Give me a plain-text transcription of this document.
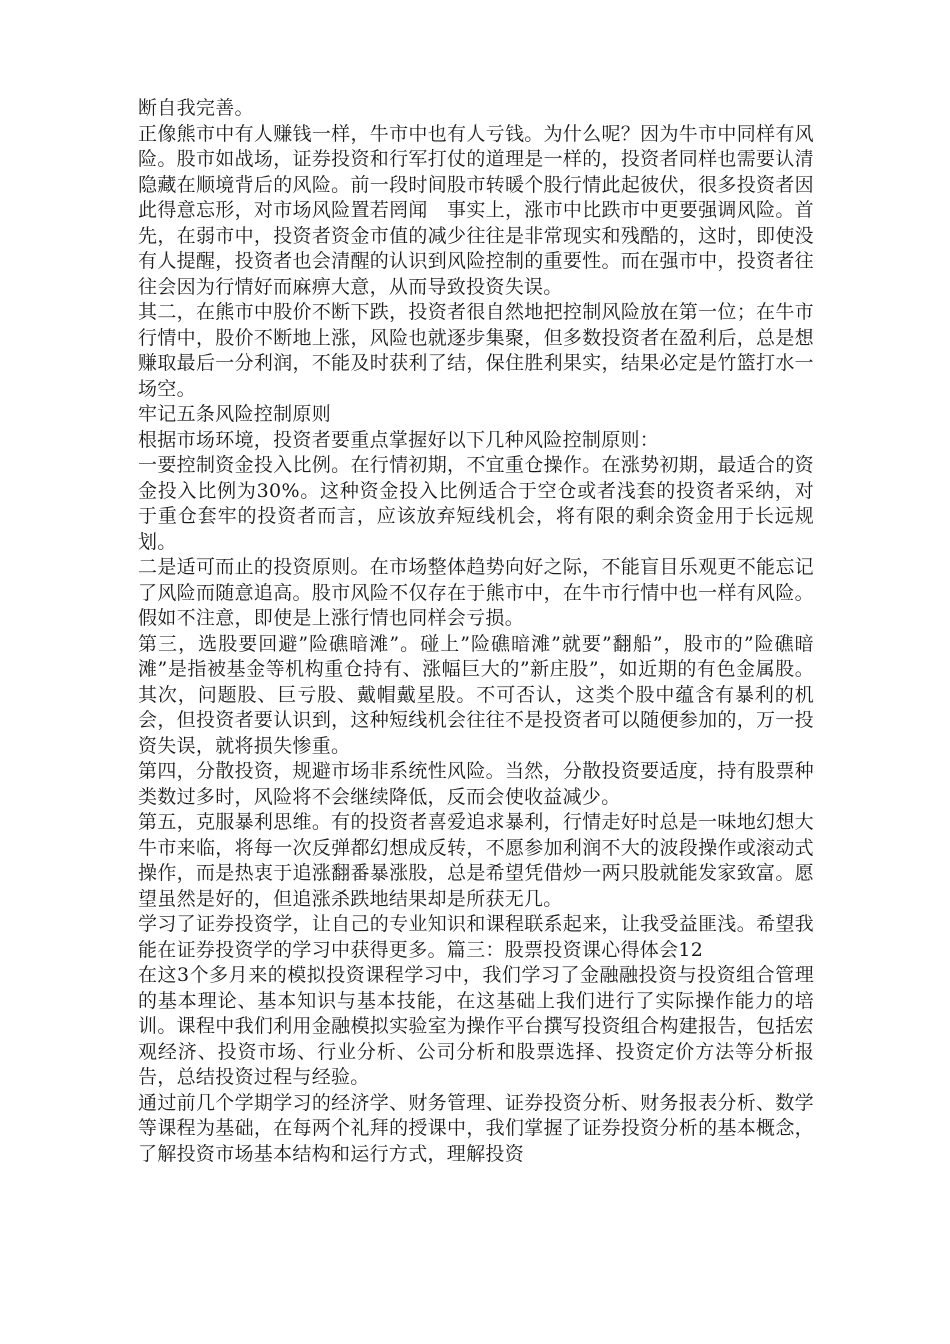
断自我完善。

正像熊市中有人赚钱一样，牛市中也有人亏钱。为什么呢？因为牛市中同样有风险。股市如战场，证券投资和行军打仗的道理是一样的，投资者同样也需要认清隐藏在顺境背后的风险。前一段时间股市转暖个股行情此起彼伏，很多投资者因此得意忘形，对市场风险置若罔闻　事实上，涨市中比跌市中更要强调风险。首先，在弱市中，投资者资金市值的减少往往是非常现实和残酷的，这时，即使没有人提醒，投资者也会清醒的认识到风险控制的重要性。而在强市中，投资者往往会因为行情好而麻痹大意，从而导致投资失误。

其二，在熊市中股价不断下跌，投资者很自然地把控制风险放在第一位；在牛市行情中，股价不断地上涨，风险也就逐步集聚，但多数投资者在盈利后，总是想赚取最后一分利润，不能及时获利了结，保住胜利果实，结果必定是竹篮打水一场空。

牢记五条风险控制原则

根据市场环境，投资者要重点掌握好以下几种风险控制原则：

一要控制资金投入比例。在行情初期，不宜重仓操作。在涨势初期，最适合的资金投入比例为30%。这种资金投入比例适合于空仓或者浅套的投资者采纳，对于重仓套牢的投资者而言，应该放弃短线机会，将有限的剩余资金用于长远规划。

二是适可而止的投资原则。在市场整体趋势向好之际，不能盲目乐观更不能忘记了风险而随意追高。股市风险不仅存在于熊市中，在牛市行情中也一样有风险。假如不注意，即使是上涨行情也同样会亏损。

第三，选股要回避”险礁暗滩”。碰上”险礁暗滩”就要”翻船”，股市的”险礁暗滩”是指被基金等机构重仓持有、涨幅巨大的”新庄股”，如近期的有色金属股。其次，问题股、巨亏股、戴帽戴星股。不可否认，这类个股中蕴含有暴利的机会，但投资者要认识到，这种短线机会往往不是投资者可以随便参加的，万一投资失误，就将损失惨重。

第四，分散投资，规避市场非系统性风险。当然，分散投资要适度，持有股票种类数过多时，风险将不会继续降低，反而会使收益减少。

第五，克服暴利思维。有的投资者喜爱追求暴利，行情走好时总是一味地幻想大牛市来临，将每一次反弹都幻想成反转，不愿参加利润不大的波段操作或滚动式操作，而是热衷于追涨翻番暴涨股，总是希望凭借炒一两只股就能发家致富。愿望虽然是好的，但追涨杀跌地结果却是所获无几。

学习了证券投资学，让自己的专业知识和课程联系起来，让我受益匪浅。希望我能在证券投资学的学习中获得更多。篇三：股票投资课心得体会12

在这3个多月来的模拟投资课程学习中，我们学习了金融融投资与投资组合管理的基本理论、基本知识与基本技能，在这基础上我们进行了实际操作能力的培训。课程中我们利用金融模拟实验室为操作平台撰写投资组合构建报告，包括宏观经济、投资市场、行业分析、公司分析和股票选择、投资定价方法等分析报告，总结投资过程与经验。

通过前几个学期学习的经济学、财务管理、证券投资分析、财务报表分析、数学等课程为基础，在每两个礼拜的授课中，我们掌握了证券投资分析的基本概念，了解投资市场基本结构和运行方式，理解投资
